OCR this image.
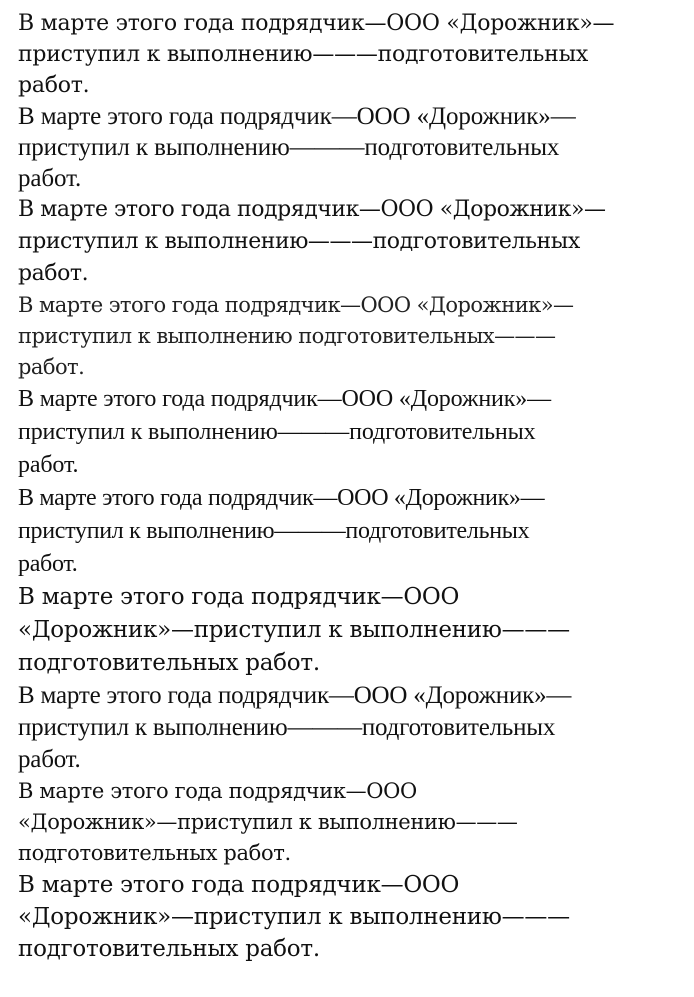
В марте этого года подрядчик—ООО «Дорожник»—
приступил к выполнению———подготовительных
работ.

В марте этого года подрядчик—ООО «Дорожник»—
приступил к выполнению———подготовительных
работ.

В марте этого года подрядчик—ООО «Дорожник»—
приступил к выполнению———подготовительных
работ.

В марте этого года подрядчик—ООО «Дорожник»—
приступил к выполнению подготовительных———
работ.

В марте этого года подрядчик—ООО «Дорожник»—
приступил к выполнению———подготовительных
работ.

В марте этого года подрядчик—ООО «Дорожник»—
приступил к выполнению———подготовительных
работ.

В марте этого года подрядчик—ООО
«Дорожник»—приступил к выполнению———
подготовительных работ.

В марте этого года подрядчик—ООО «Дорожник»—
приступил к выполнению———подготовительных
работ.

В марте этого года подрядчик—ООО
«Дорожник»—приступил к выполнению———
подготовительных работ.

В марте этого года подрядчик—ООО
«Дорожник»—приступил к выполнению———
подготовительных работ.
